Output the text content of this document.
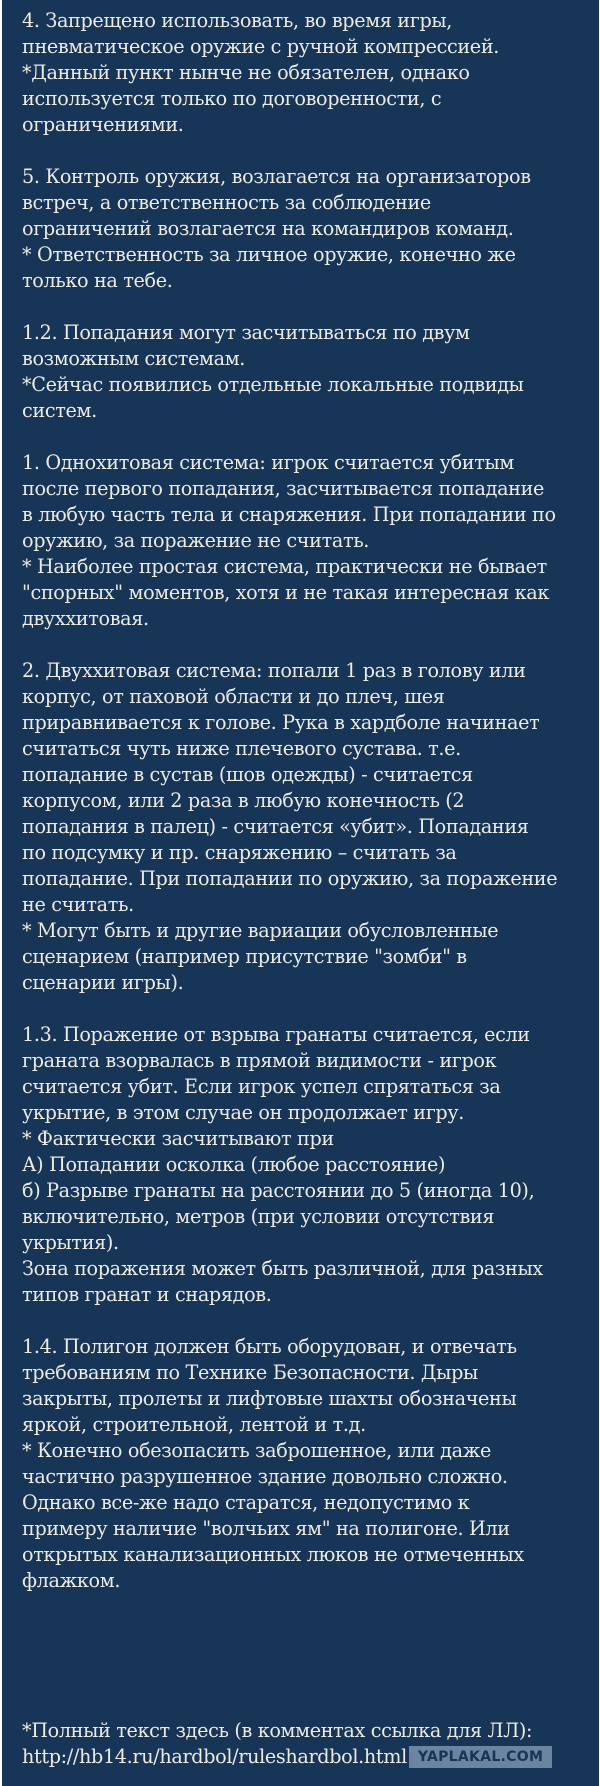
4. Запрещено использовать, во время игры,
пневматическое оружие с ручной компрессией.
*Данный пункт нынче не обязателен, однако
используется только по договоренности, с
ограничениями.

5. Контроль оружия, возлагается на организаторов
встреч, а ответственность за соблюдение
ограничений возлагается на командиров команд.
* Ответственность за личное оружие, конечно же
только на тебе.

1.2. Попадания могут засчитываться по двум
возможным системам.
*Сейчас появились отдельные локальные подвиды
систем.

1. Однохитовая система: игрок считается убитым
после первого попадания, засчитывается попадание
в любую часть тела и снаряжения. При попадании по
оружию, за поражение не считать.
* Наиболее простая система, практически не бывает
"спорных" моментов, хотя и не такая интересная как
двуххитовая.

2. Двуххитовая система: попали 1 раз в голову или
корпус, от паховой области и до плеч, шея
приравнивается к голове. Рука в хардболе начинает
считаться чуть ниже плечевого сустава. т.е.
попадание в сустав (шов одежды) - считается
корпусом, или 2 раза в любую конечность (2
попадания в палец) - считается «убит». Попадания
по подсумку и пр. снаряжению – считать за
попадание. При попадании по оружию, за поражение
не считать.
* Могут быть и другие вариации обусловленные
сценарием (например присутствие "зомби" в
сценарии игры).

1.3. Поражение от взрыва гранаты считается, если
граната взорвалась в прямой видимости - игрок
считается убит. Если игрок успел спрятаться за
укрытие, в этом случае он продолжает игру.
* Фактически засчитывают при
А) Попадании осколка (любое расстояние)
б) Разрыве гранаты на расстоянии до 5 (иногда 10),
включительно, метров (при условии отсутствия
укрытия).
Зона поражения может быть различной, для разных
типов гранат и снарядов.

1.4. Полигон должен быть оборудован, и отвечать
требованиям по Технике Безопасности. Дыры
закрыты, пролеты и лифтовые шахты обозначены
яркой, строительной, лентой и т.д.
* Конечно обезопасить заброшенное, или даже
частично разрушенное здание довольно сложно.
Однако все-же надо старатся, недопустимо к
примеру наличие "волчьих ям" на полигоне. Или
открытых канализационных люков не отмеченных
флажком.

*Полный текст здесь (в комментах ссылка для ЛЛ):
http://hb14.ru/hardbol/ruleshardbol.html YAPLAKAL.COM
